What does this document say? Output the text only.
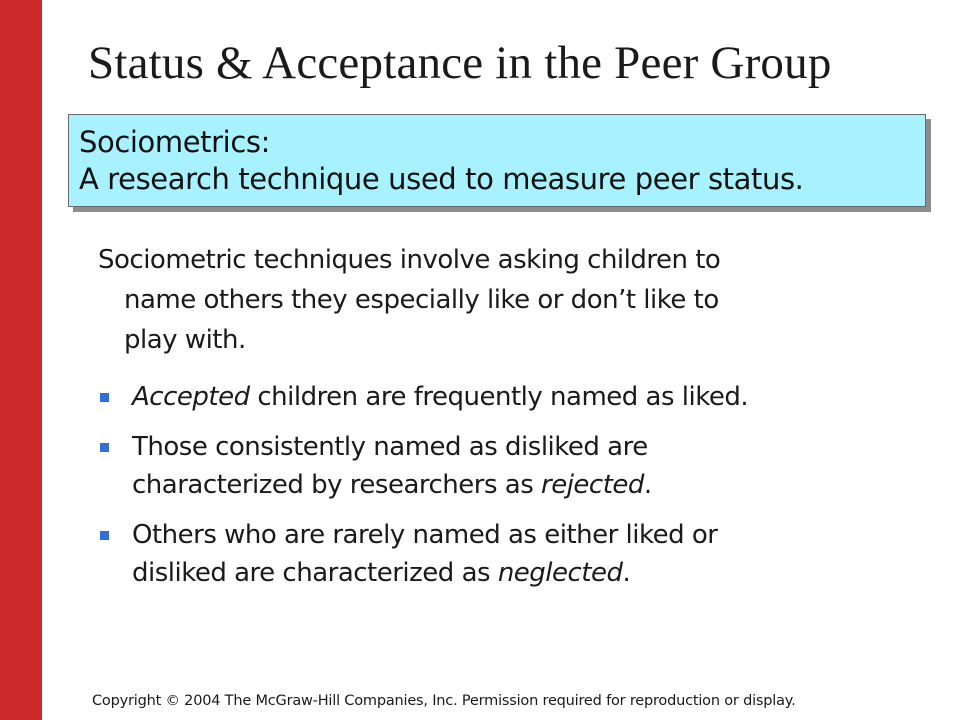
Status & Acceptance in the Peer Group
Sociometrics:
A research technique used to measure peer status.
Sociometric techniques involve asking children to
name others they especially like or don’t like to
play with.
Accepted children are frequently named as liked.
Those consistently named as disliked are
characterized by researchers as rejected.
Others who are rarely named as either liked or
disliked are characterized as neglected.
Copyright © 2004 The McGraw-Hill Companies, Inc. Permission required for reproduction or display.
